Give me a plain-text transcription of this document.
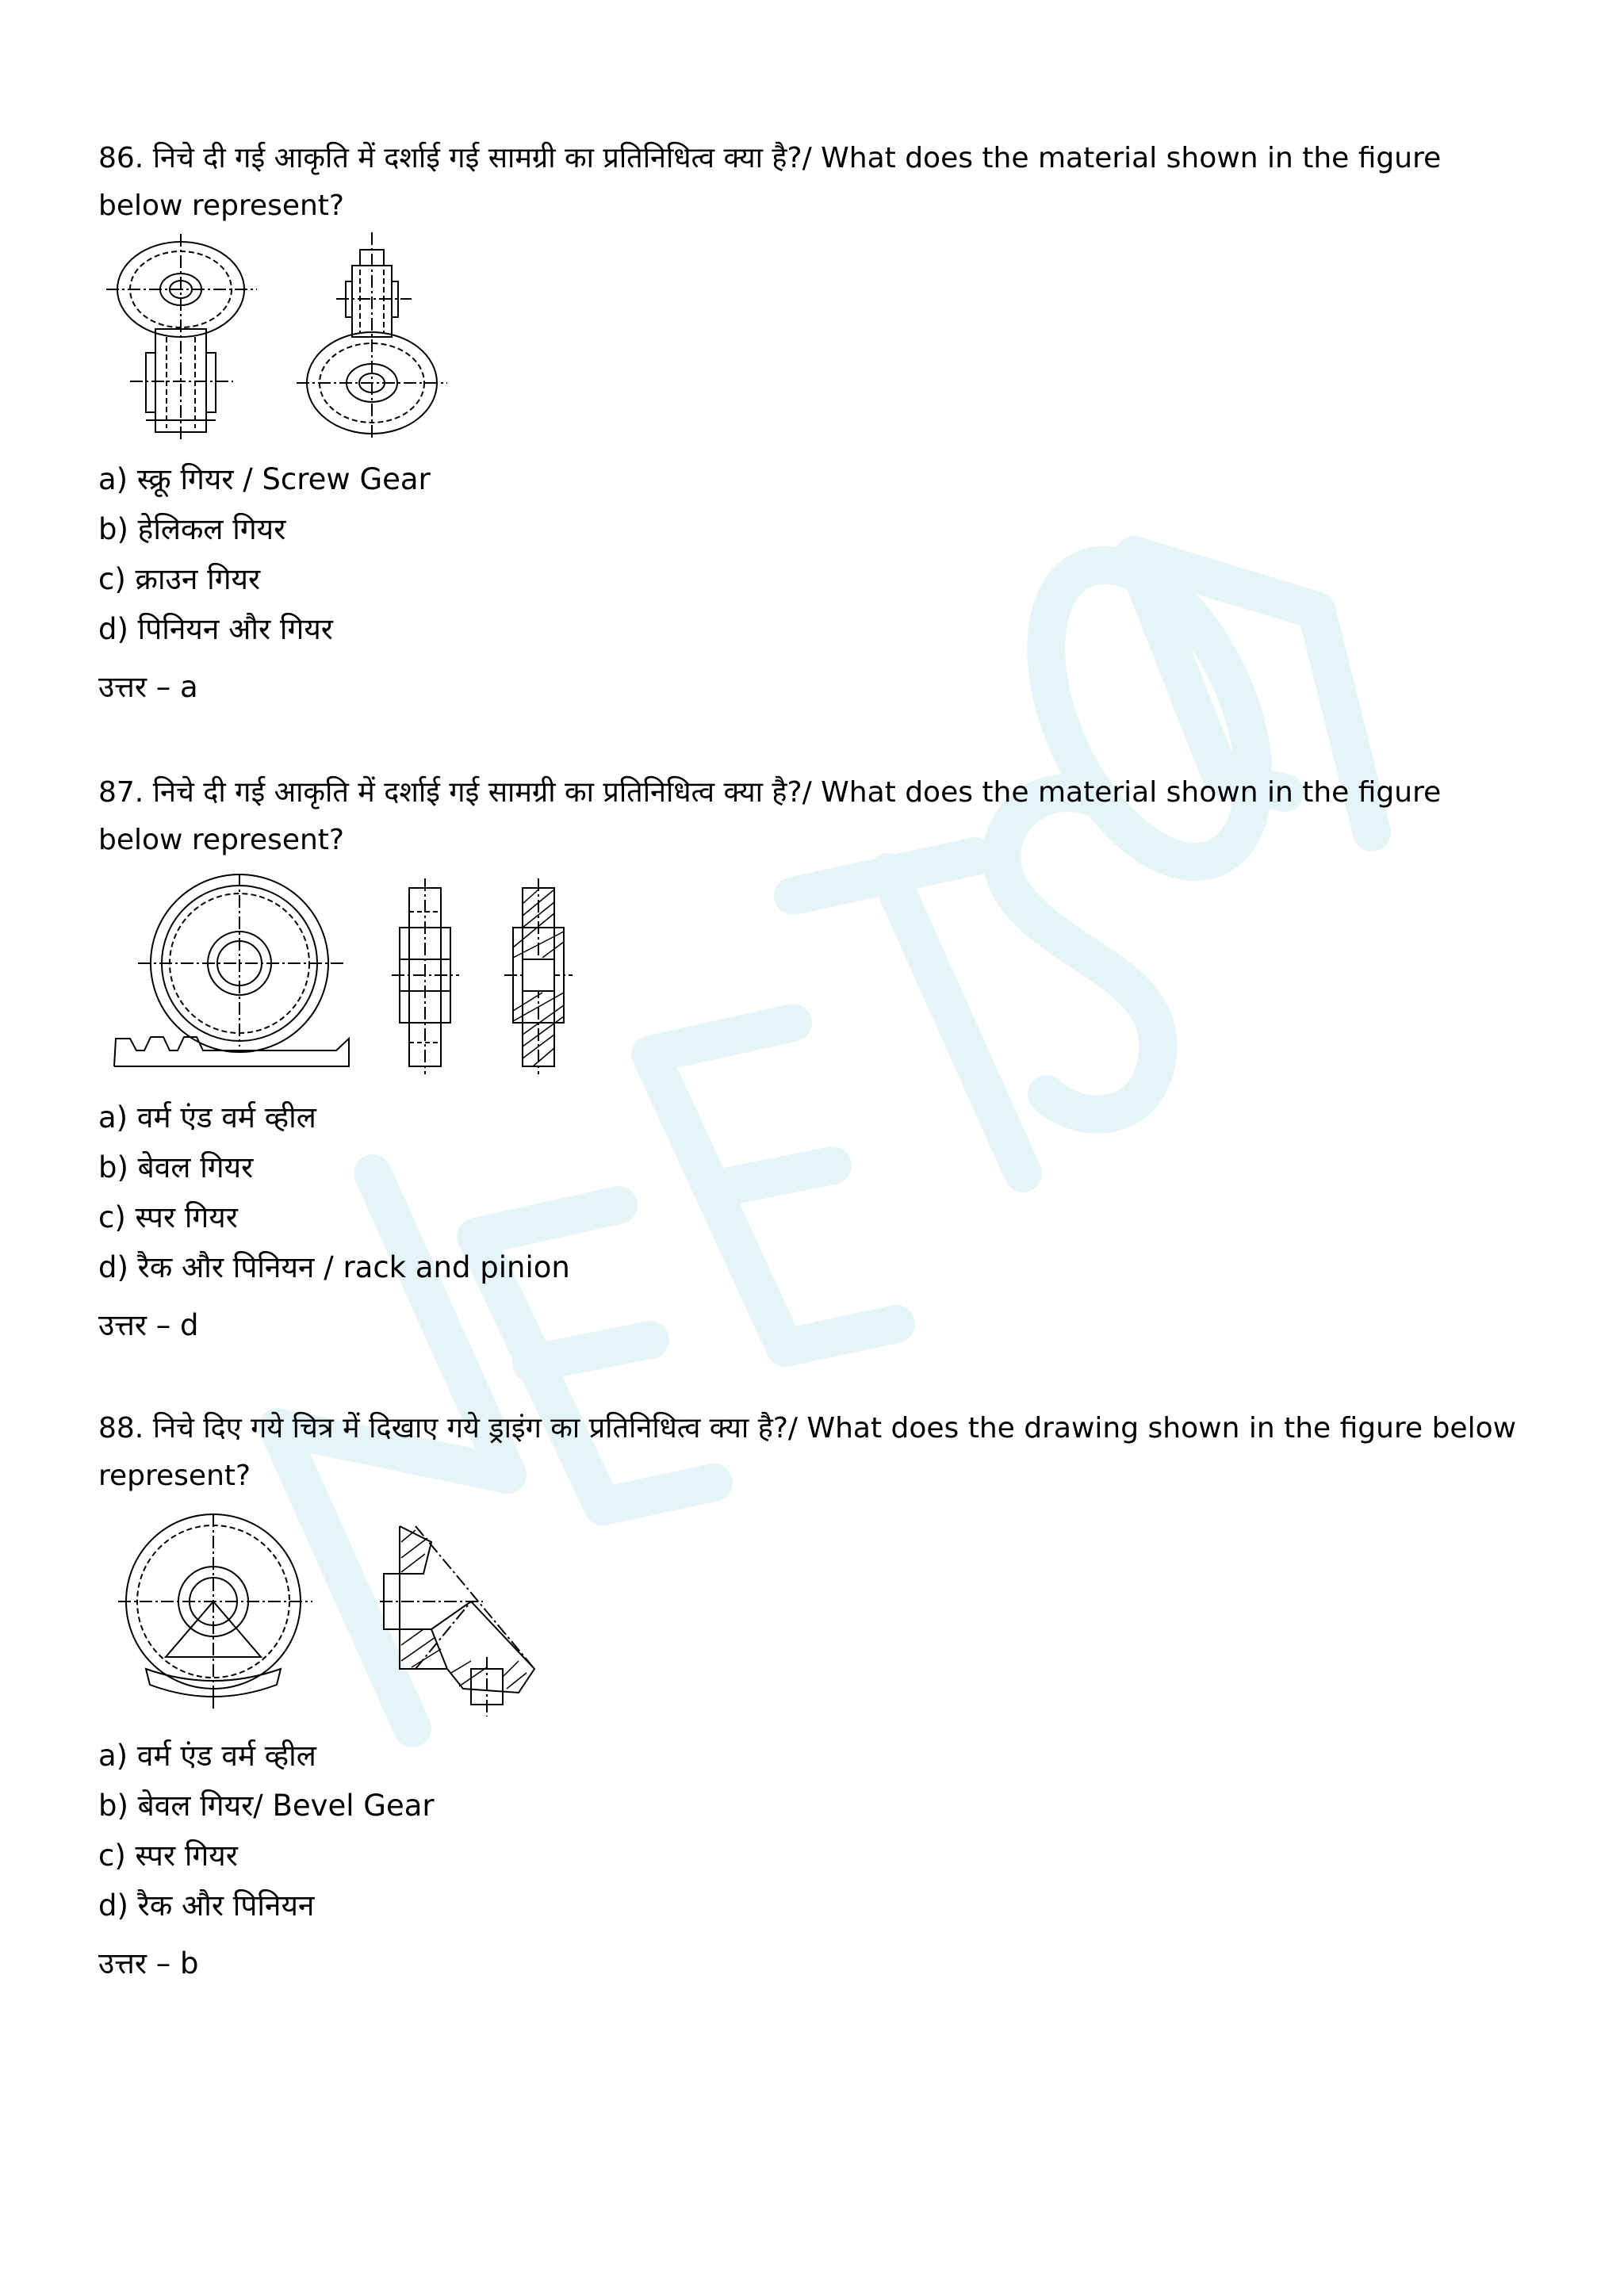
86. निचे दी गई आकृति में दर्शाई गई सामग्री का प्रतिनिधित्व क्या है?/ What does the material shown in the figure below represent?

a) स्क्रू गियर / Screw Gear
b) हेलिकल गियर
c) क्राउन गियर
d) पिनियन और गियर
उत्तर – a

87. निचे दी गई आकृति में दर्शाई गई सामग्री का प्रतिनिधित्व क्या है?/ What does the material shown in the figure below represent?

a) वर्म एंड वर्म व्हील
b) बेवल गियर
c) स्पर गियर
d) रैक और पिनियन / rack and pinion
उत्तर – d

88. निचे दिए गये चित्र में दिखाए गये ड्राइंग का प्रतिनिधित्व क्या है?/ What does the drawing shown in the figure below represent?

a) वर्म एंड वर्म व्हील
b) बेवल गियर/ Bevel Gear
c) स्पर गियर
d) रैक और पिनियन
उत्तर – b
